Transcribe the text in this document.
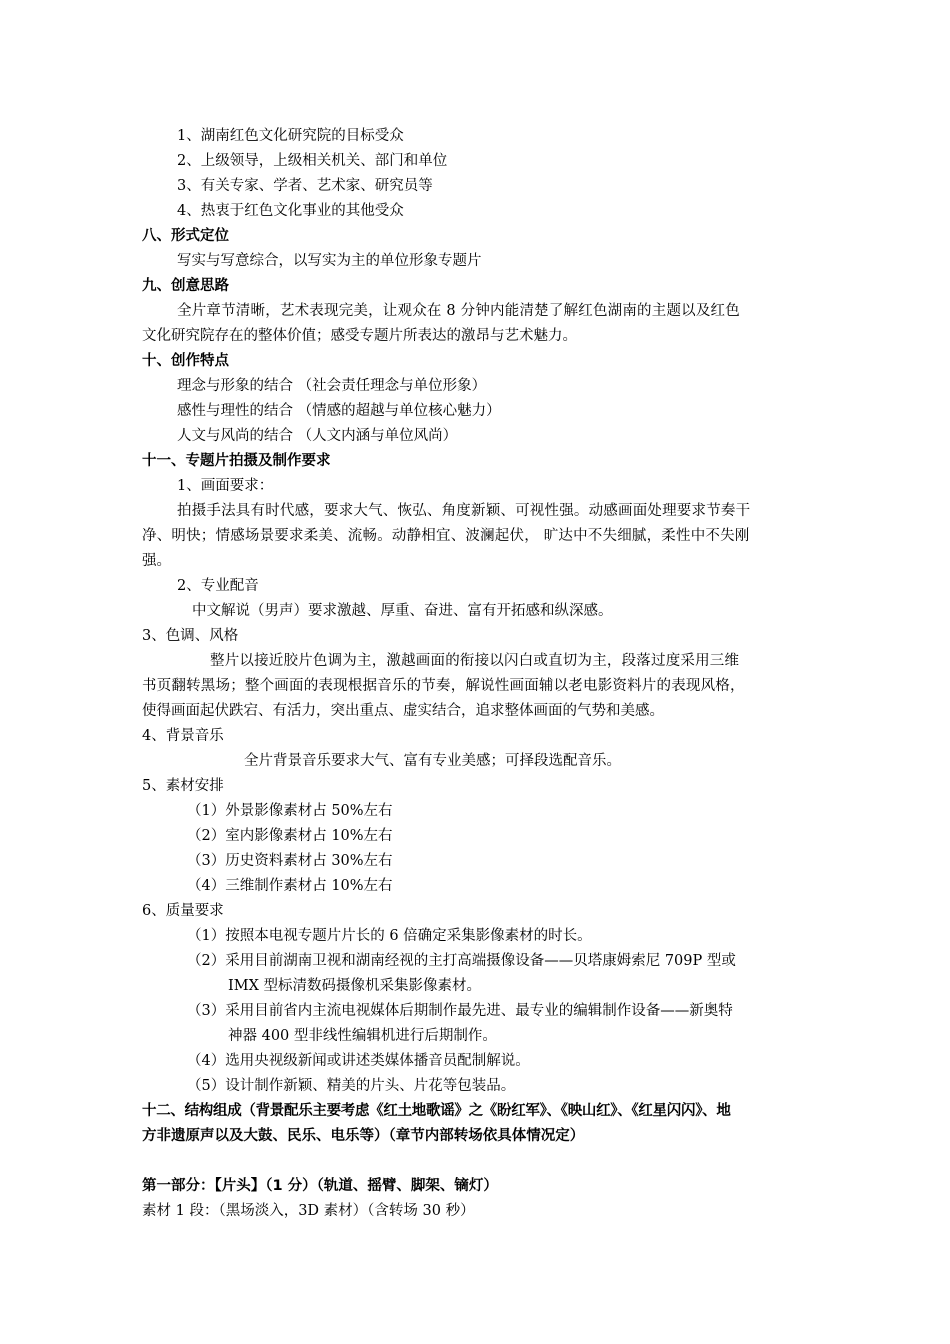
1、湖南红色文化研究院的目标受众
2、上级领导，上级相关机关、部门和单位
3、有关专家、学者、艺术家、研究员等
4、热衷于红色文化事业的其他受众
八、形式定位
写实与写意综合，以写实为主的单位形象专题片
九、创意思路
全片章节清晰，艺术表现完美，让观众在 8 分钟内能清楚了解红色湖南的主题以及红色
文化研究院存在的整体价值；感受专题片所表达的激昂与艺术魅力。
十、创作特点
理念与形象的结合 （社会责任理念与单位形象）
感性与理性的结合 （情感的超越与单位核心魅力）
人文与风尚的结合 （人文内涵与单位风尚）
十一、专题片拍摄及制作要求
1、画面要求：
拍摄手法具有时代感，要求大气、恢弘、角度新颖、可视性强。动感画面处理要求节奏干
净、明快；情感场景要求柔美、流畅。动静相宜、波澜起伏， 旷达中不失细腻，柔性中不失刚
强。
2、专业配音
中文解说（男声）要求激越、厚重、奋进、富有开拓感和纵深感。
3、色调、风格
整片以接近胶片色调为主，激越画面的衔接以闪白或直切为主，段落过度采用三维
书页翻转黑场；整个画面的表现根据音乐的节奏，解说性画面辅以老电影资料片的表现风格，
使得画面起伏跌宕、有活力，突出重点、虚实结合，追求整体画面的气势和美感。
4、背景音乐
全片背景音乐要求大气、富有专业美感；可择段选配音乐。
5、素材安排
（1）外景影像素材占 50%左右
（2）室内影像素材占 10%左右
（3）历史资料素材占 30%左右
（4）三维制作素材占 10%左右
6、质量要求
（1）按照本电视专题片片长的 6 倍确定采集影像素材的时长。
（2）采用目前湖南卫视和湖南经视的主打高端摄像设备——贝塔康姆索尼 709P 型或
IMX 型标清数码摄像机采集影像素材。
（3）采用目前省内主流电视媒体后期制作最先进、最专业的编辑制作设备——新奥特
神器 400 型非线性编辑机进行后期制作。
（4）选用央视级新闻或讲述类媒体播音员配制解说。
（5）设计制作新颖、精美的片头、片花等包装品。
十二、结构组成（背景配乐主要考虑《红土地歌谣》之《盼红军》、《映山红》、《红星闪闪》、地
方非遗原声以及大鼓、民乐、电乐等）（章节内部转场依具体情况定）
第一部分：【片头】（1 分）（轨道、摇臂、脚架、镝灯）
素材 1 段：（黑场淡入，3D 素材）（含转场 30 秒）
